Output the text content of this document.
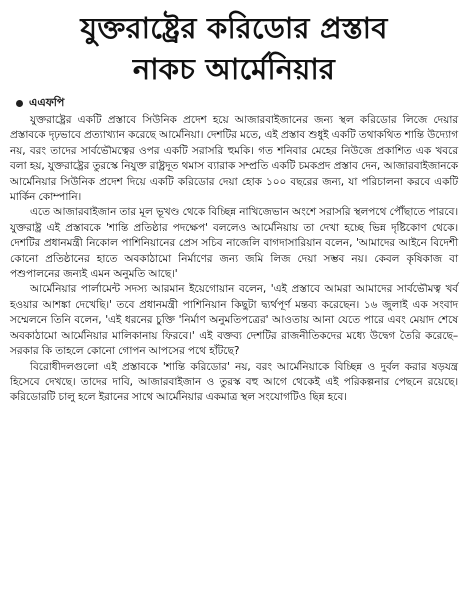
যুক্তরাষ্ট্রের করিডোর প্রস্তাব
নাকচ আর্মেনিয়ার
এএফপি

যুক্তরাষ্ট্রের একটি প্রস্তাবে সিউনিক প্রদেশ হয়ে আজারবাইজানের জন্য স্থল করিডোর লিজে দেয়ার প্রস্তাবকে দৃঢ়ভাবে প্রত্যাখ্যান করেছে আর্মেনিয়া। দেশটির মতে, এই প্রস্তাব শুধুই একটি তথাকথিত শান্তি উদ্যোগ নয়, বরং তাদের সার্বভৌমত্বের ওপর একটি সরাসরি হুমকি। গত শনিবার মেহের নিউজে প্রকাশিত এক খবরে বলা হয়, যুক্তরাষ্ট্রের তুরস্কে নিযুক্ত রাষ্ট্রদূত থমাস ব্যারাক সম্প্রতি একটি চমকপ্রদ প্রস্তাব দেন, আজারবাইজানকে আর্মেনিয়ার সিউনিক প্রদেশ দিয়ে একটি করিডোর দেয়া হোক ১০০ বছরের জন্য, যা পরিচালনা করবে একটি মার্কিন কোম্পানি।

এতে আজারবাইজান তার মূল ভূখণ্ড থেকে বিচ্ছিন্ন নাখিজেভান অংশে সরাসরি স্থলপথে পৌঁছাতে পারবে। যুক্তরাষ্ট্র এই প্রস্তাবকে 'শান্তি প্রতিষ্ঠার পদক্ষেপ' বললেও আর্মেনিয়ায় তা দেখা হচ্ছে ভিন্ন দৃষ্টিকোণ থেকে। দেশটির প্রধানমন্ত্রী নিকোল পাশিনিয়ানের প্রেস সচিব নাজেলি বাগদাসারিয়ান বলেন, 'আমাদের আইনে বিদেশী কোনো প্রতিষ্ঠানের হাতে অবকাঠামো নির্মাণের জন্য জমি লিজ দেয়া সম্ভব নয়। কেবল কৃষিকাজ বা পশুপালনের জন্যই এমন অনুমতি আছে।'

আর্মেনিয়ার পার্লামেন্ট সদস্য আরমান ইয়েগোয়ান বলেন, 'এই প্রস্তাবে আমরা আমাদের সার্বভৌমত্ব খর্ব হওয়ার আশঙ্কা দেখেছি।' তবে প্রধানমন্ত্রী পাশিনিয়ান কিছুটা দ্ব্যর্থপূর্ণ মন্তব্য করেছেন। ১৬ জুলাই এক সংবাদ সম্মেলনে তিনি বলেন, 'এই ধরনের চুক্তি 'নির্মাণ অনুমতিপত্রের' আওতায় আনা যেতে পারে এবং মেয়াদ শেষে অবকাঠামো আর্মেনিয়ার মালিকানায় ফিরবে।' এই বক্তব্য দেশটির রাজনীতিকদের মধ্যে উদ্বেগ তৈরি করেছে– সরকার কি তাহলে কোনো গোপন আপসের পথে হাঁটছে?

বিরোধীদলগুলো এই প্রস্তাবকে 'শান্তি করিডোর' নয়, বরং আর্মেনিয়াকে বিচ্ছিন্ন ও দুর্বল করার ষড়যন্ত্র হিসেবে দেখছে। তাদের দাবি, আজারবাইজান ও তুরস্ক বহু আগে থেকেই এই পরিকল্পনার পেছনে রয়েছে। করিডোরটি চালু হলে ইরানের সাথে আর্মেনিয়ার একমাত্র স্থল সংযোগটিও ছিন্ন হবে।
